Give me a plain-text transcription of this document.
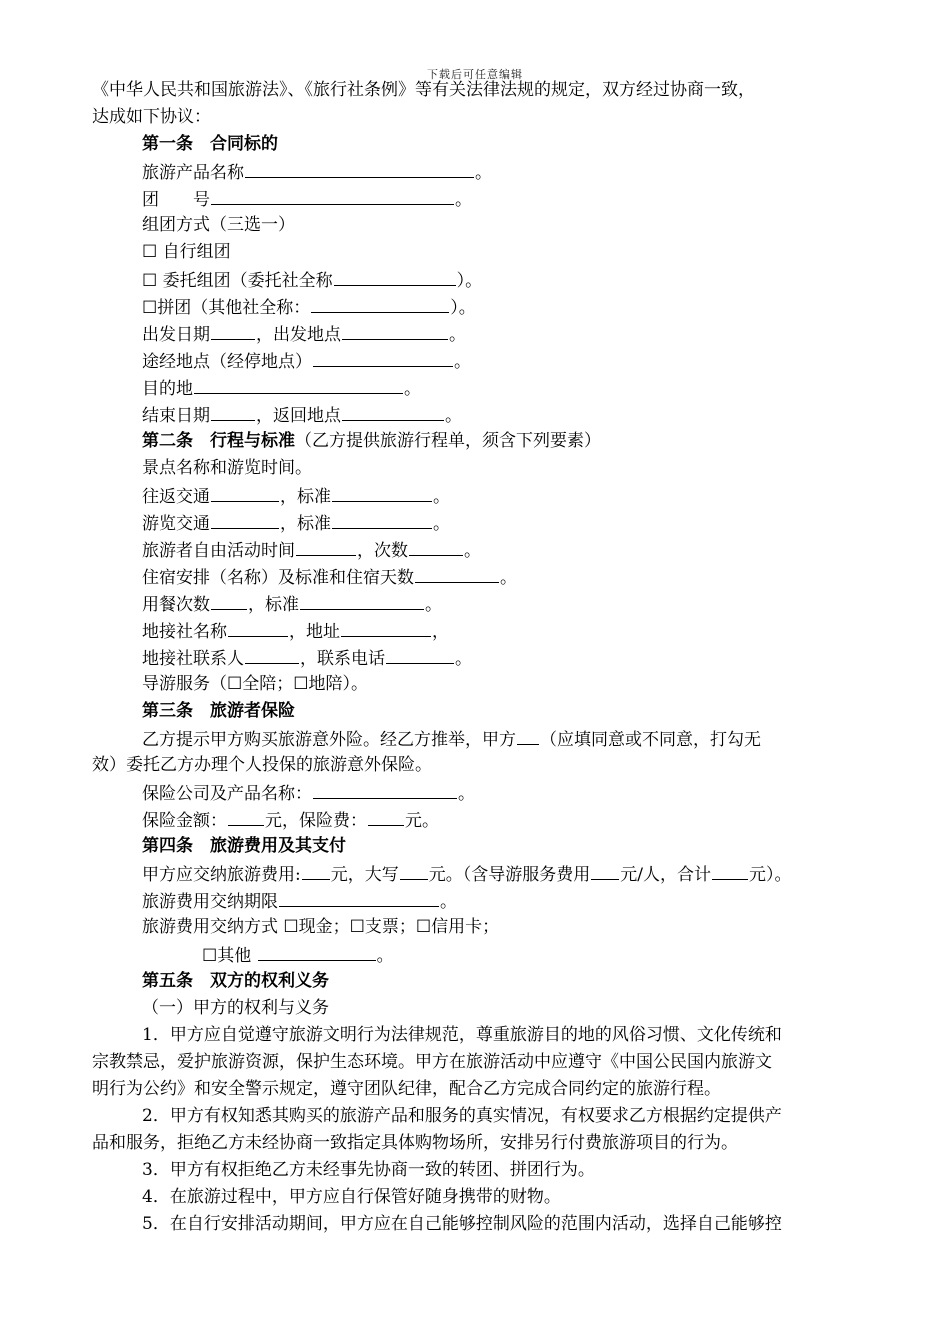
下载后可任意编辑
《中华人民共和国旅游法》、《旅行社条例》等有关法律法规的规定，双方经过协商一致，
达成如下协议：
第一条　合同标的
旅游产品名称	。
团　　号	。
组团方式（三选一）
☐ 自行组团
☐ 委托组团（委托社全称	）。
☐拼团（其他社全称：	）。
出发日期	，出发地点	。
途经地点（经停地点）	。
目的地	。
结束日期	，返回地点	。
第二条　行程与标准（乙方提供旅游行程单，须含下列要素）
景点名称和游览时间。
往返交通	，标准	。
游览交通	，标准	。
旅游者自由活动时间	，次数	。
住宿安排（名称）及标准和住宿天数	。
用餐次数 ，标准	。
地接社名称	，地址	，
地接社联系人	，联系电话	。
导游服务（☐全陪；☐地陪）。
第三条　旅游者保险
乙方提示甲方购买旅游意外险。经乙方推举，甲方 （应填同意或不同意，打勾无
效）委托乙方办理个人投保的旅游意外保险。
保险公司及产品名称：	。
保险金额： 元，保险费： 元。
第四条　旅游费用及其支付
甲方应交纳旅游费用: 元，大写 元。（含导游服务费用 元/人，合计 元）。
旅游费用交纳期限	。
旅游费用交纳方式 ☐现金；☐支票；☐信用卡；
☐其他	。
第五条　双方的权利义务
（一）甲方的权利与义务
1．甲方应自觉遵守旅游文明行为法律规范，尊重旅游目的地的风俗习惯、文化传统和
宗教禁忌，爱护旅游资源，保护生态环境。甲方在旅游活动中应遵守《中国公民国内旅游文
明行为公约》和安全警示规定，遵守团队纪律，配合乙方完成合同约定的旅游行程。
2．甲方有权知悉其购买的旅游产品和服务的真实情况，有权要求乙方根据约定提供产
品和服务，拒绝乙方未经协商一致指定具体购物场所，安排另行付费旅游项目的行为。
3．甲方有权拒绝乙方未经事先协商一致的转团、拼团行为。
4．在旅游过程中，甲方应自行保管好随身携带的财物。
5．在自行安排活动期间，甲方应在自己能够控制风险的范围内活动，选择自己能够控
